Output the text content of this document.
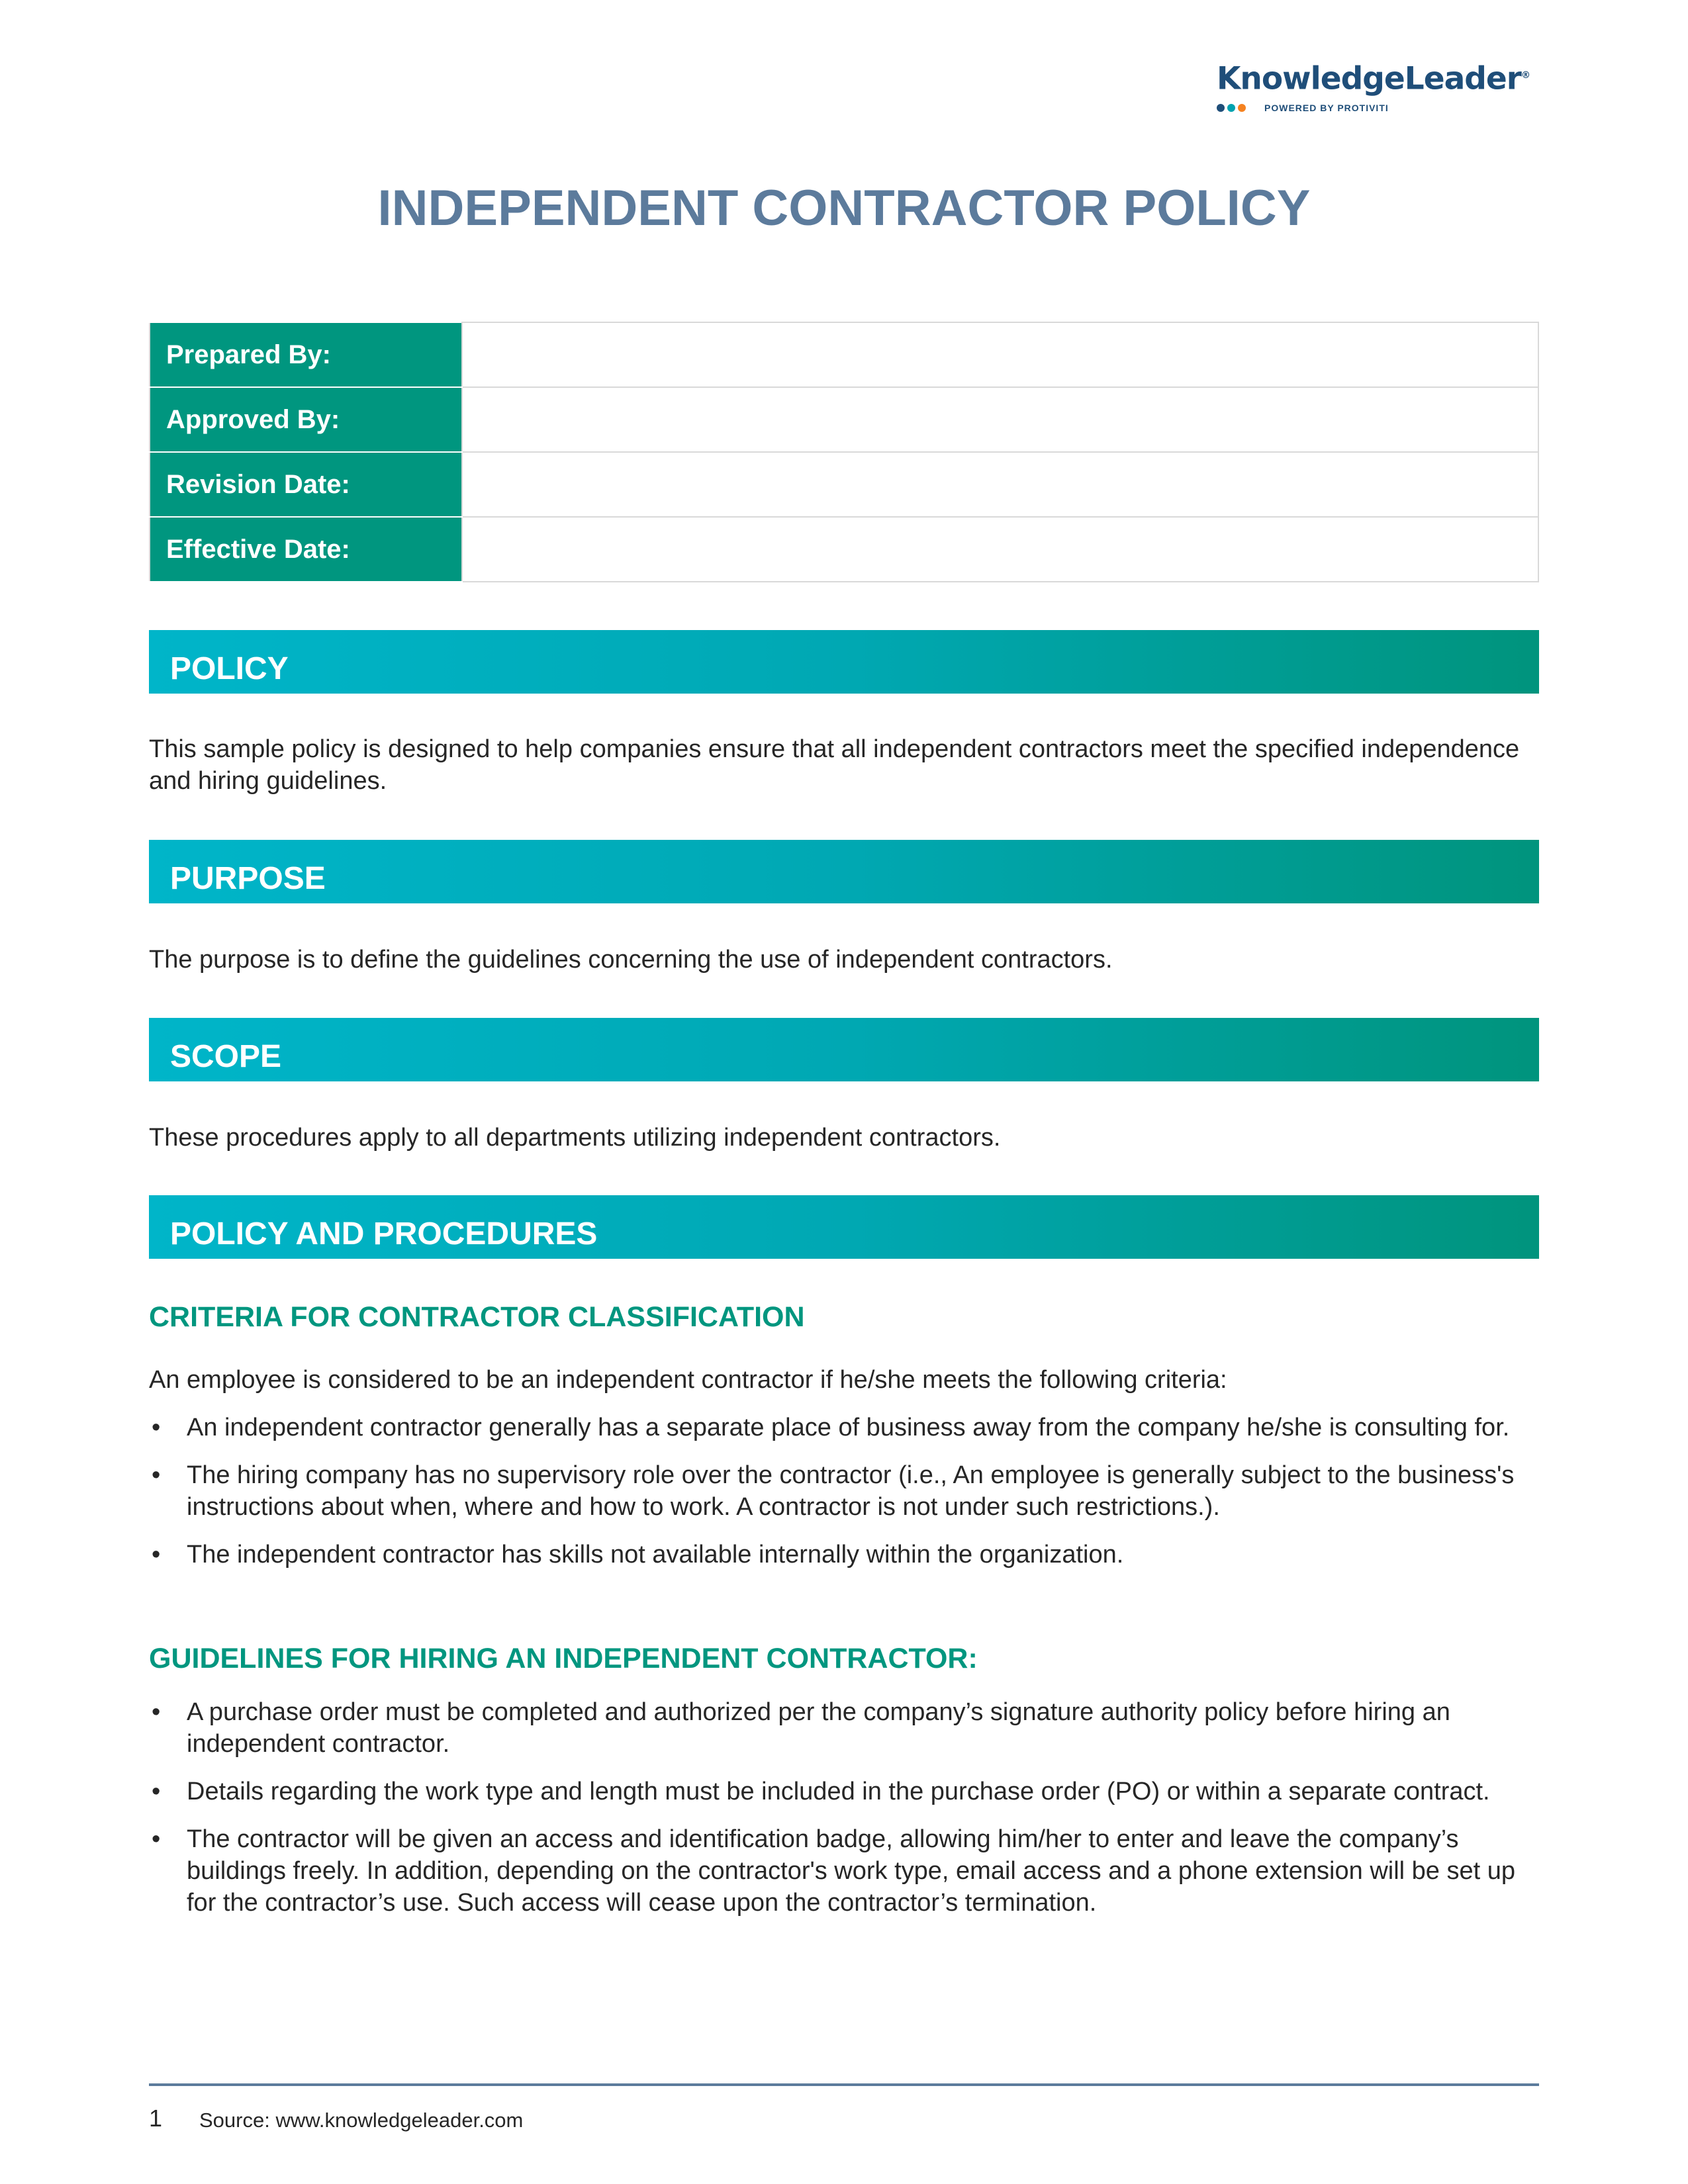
KnowledgeLeader®
POWERED BY PROTIVITI
INDEPENDENT CONTRACTOR POLICY
Prepared By:	
Approved By:	
Revision Date:	
Effective Date:	
POLICY

This sample policy is designed to help companies ensure that all independent contractors meet the specified independence and hiring guidelines.

PURPOSE

The purpose is to define the guidelines concerning the use of independent contractors.

SCOPE

These procedures apply to all departments utilizing independent contractors.

POLICY AND PROCEDURES
CRITERIA FOR CONTRACTOR CLASSIFICATION

An employee is considered to be an independent contractor if he/she meets the following criteria:

• An independent contractor generally has a separate place of business away from the company he/she is consulting for.
• The hiring company has no supervisory role over the contractor (i.e., An employee is generally subject to the business's instructions about when, where and how to work. A contractor is not under such restrictions.).
• The independent contractor has skills not available internally within the organization.
GUIDELINES FOR HIRING AN INDEPENDENT CONTRACTOR:
• A purchase order must be completed and authorized per the company’s signature authority policy before hiring an independent contractor.
• Details regarding the work type and length must be included in the purchase order (PO) or within a separate contract.
• The contractor will be given an access and identification badge, allowing him/her to enter and leave the company’s buildings freely. In addition, depending on the contractor's work type, email access and a phone extension will be set up for the contractor’s use. Such access will cease upon the contractor’s termination.
1 Source: www.knowledgeleader.com
